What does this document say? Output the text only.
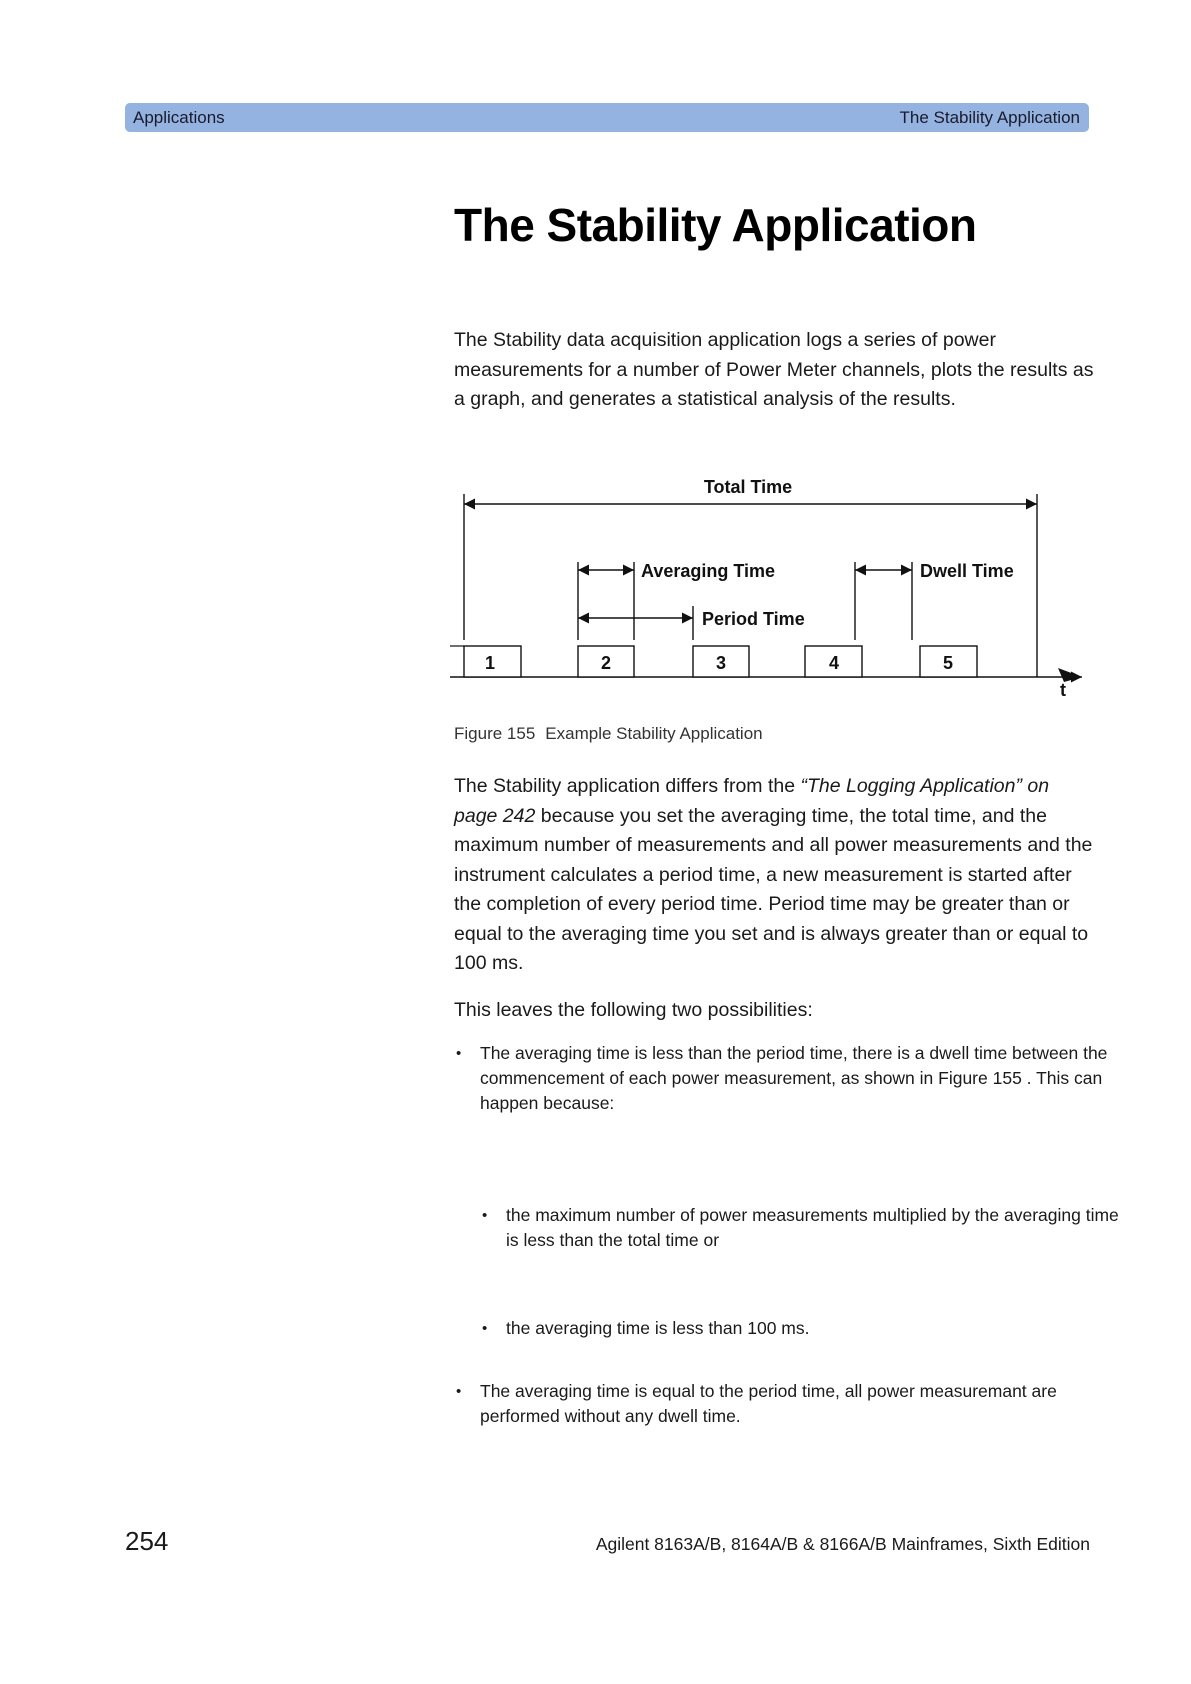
Applications	The Stability Application
The Stability Application

The Stability data acquisition application logs a series of power measurements for a number of Power Meter channels, plots the results as a graph, and generates a statistical analysis of the results.

Total Time
Averaging Time
Period Time
Dwell Time
t
1	2	3	4	5
Figure 155 Example Stability Application

The Stability application differs from the “The Logging Application” on page 242 because you set the averaging time, the total time, and the maximum number of measurements and all power measurements and the instrument calculates a period time, a new measurement is started after the completion of every period time. Period time may be greater than or equal to the averaging time you set and is always greater than or equal to 100 ms.

This leaves the following two possibilities:

• The averaging time is less than the period time, there is a dwell time between the commencement of each power measurement, as shown in Figure 155 . This can happen because:
• the maximum number of power measurements multiplied by the averaging time is less than the total time or
• the averaging time is less than 100 ms.
• The averaging time is equal to the period time, all power measuremant are performed without any dwell time.
254	Agilent 8163A/B, 8164A/B & 8166A/B Mainframes, Sixth Edition
